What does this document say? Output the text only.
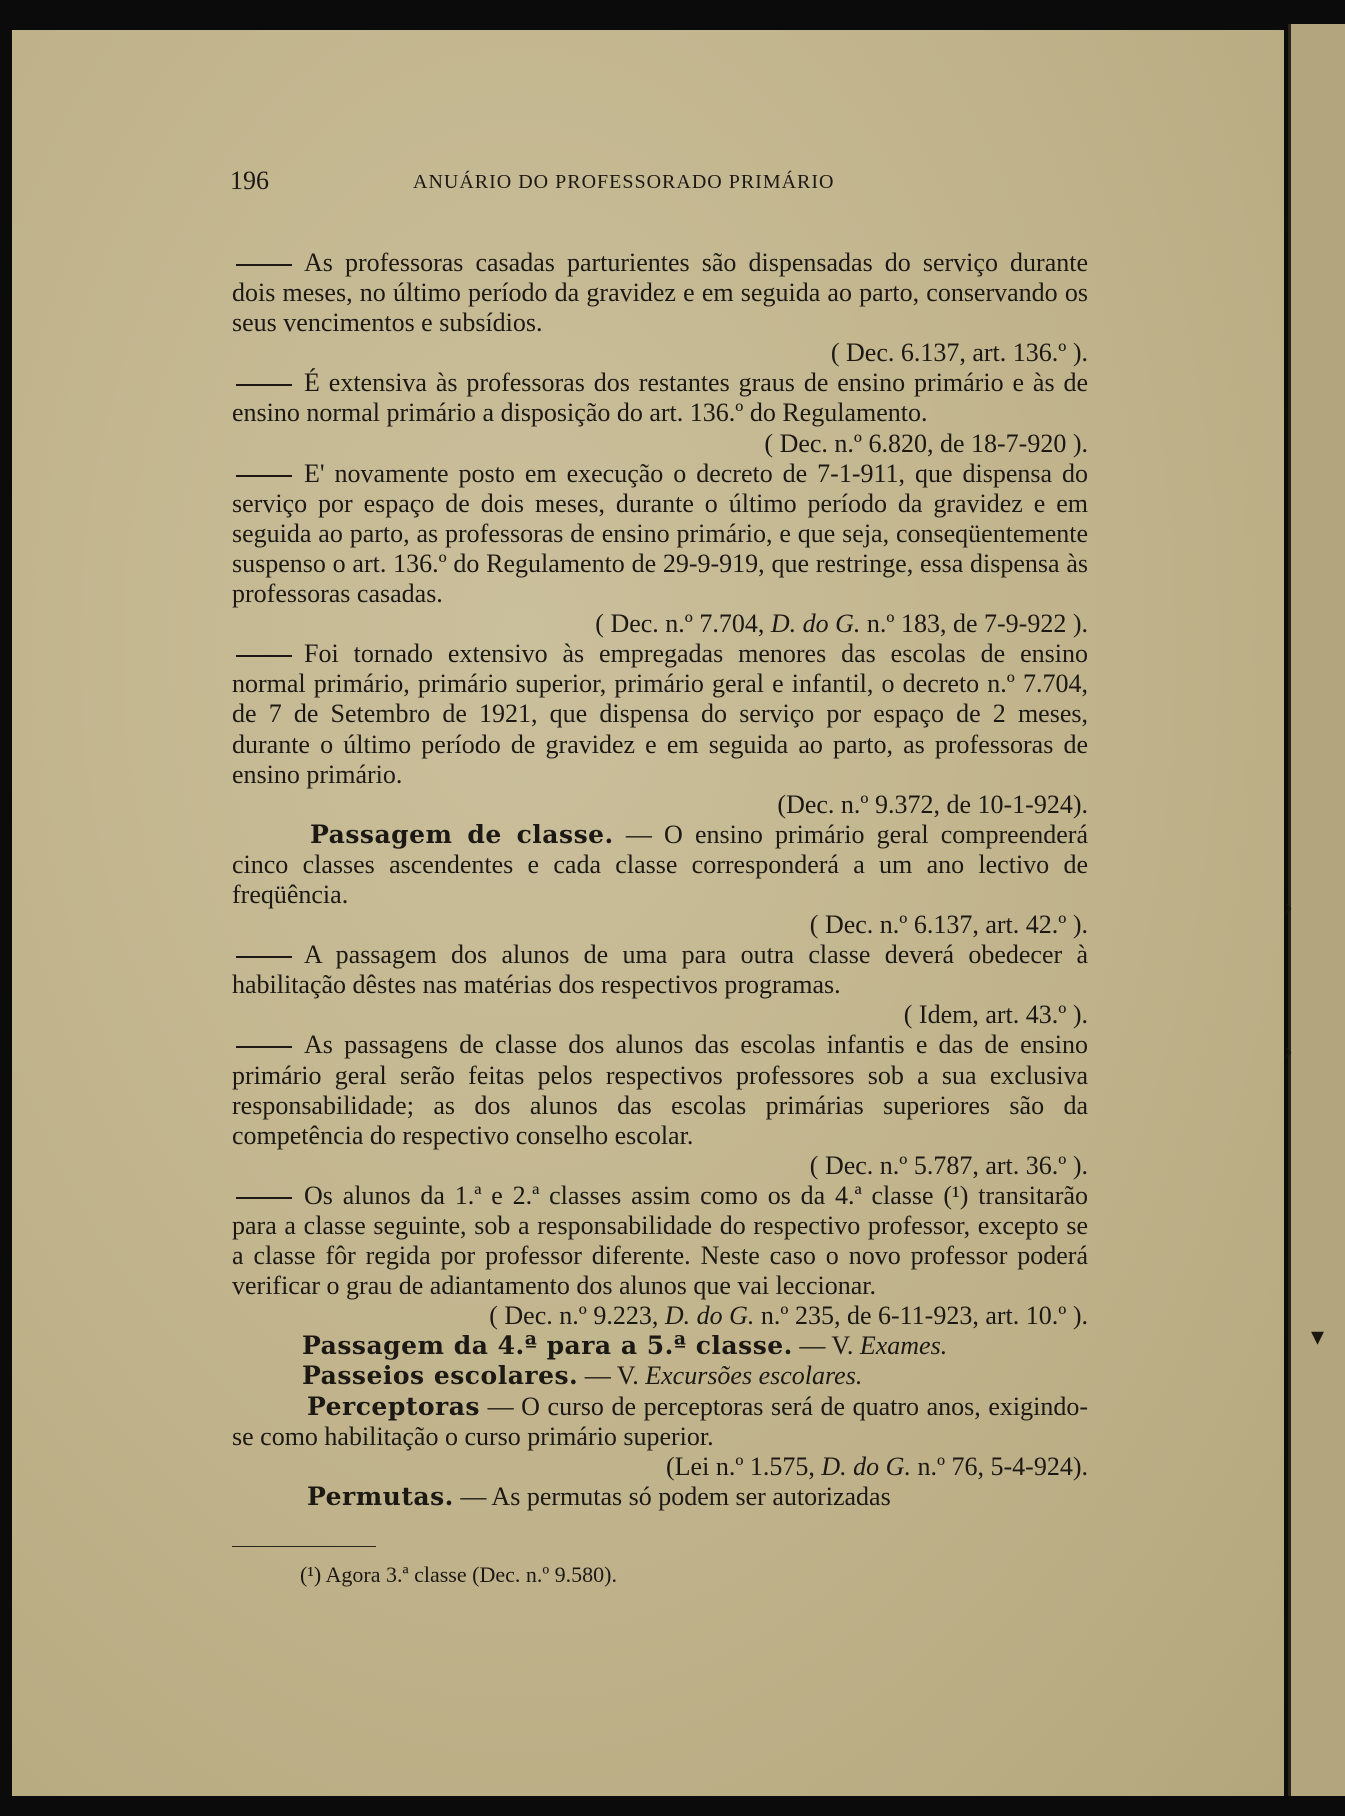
196	ANUÁRIO DO PROFESSORADO PRIMÁRIO

As professoras casadas parturientes são dispensadas do serviço durante dois meses, no último período da gravidez e em seguida ao parto, conservando os seus vencimentos e subsídios.

( Dec. 6.137, art. 136.º ).

É extensiva às professoras dos restantes graus de ensino primário e às de ensino normal primário a disposição do art. 136.º do Regulamento.

( Dec. n.º 6.820, de 18-7-920 ).

E' novamente posto em execução o decreto de 7-1-911, que dispensa do serviço por espaço de dois meses, durante o último período da gravidez e em seguida ao parto, as professoras de ensino primário, e que seja, conseqüentemente suspenso o art. 136.º do Regulamento de 29-9-919, que restringe, essa dispensa às professoras casadas.

( Dec. n.º 7.704, D. do G. n.º 183, de 7-9-922 ).

Foi tornado extensivo às empregadas menores das escolas de ensino normal primário, primário superior, primário geral e infantil, o decreto n.º 7.704, de 7 de Setembro de 1921, que dispensa do serviço por espaço de 2 meses, durante o último período de gravidez e em seguida ao parto, as professoras de ensino primário.

(Dec. n.º 9.372, de 10-1-924).

Passagem de classe. — O ensino primário geral compreenderá cinco classes ascendentes e cada classe corresponderá a um ano lectivo de freqüência.

( Dec. n.º 6.137, art. 42.º ).

A passagem dos alunos de uma para outra classe deverá obedecer à habilitação dêstes nas matérias dos respectivos programas.

( Idem, art. 43.º ).

As passagens de classe dos alunos das escolas infantis e das de ensino primário geral serão feitas pelos respectivos professores sob a sua exclusiva responsabilidade; as dos alunos das escolas primárias superiores são da competência do respectivo conselho escolar.

( Dec. n.º 5.787, art. 36.º ).

Os alunos da 1.ª e 2.ª classes assim como os da 4.ª classe (¹) transitarão para a classe seguinte, sob a responsabilidade do respectivo professor, excepto se a classe fôr regida por professor diferente. Neste caso o novo professor poderá verificar o grau de adiantamento dos alunos que vai leccionar.

( Dec. n.º 9.223, D. do G. n.º 235, de 6-11-923, art. 10.º ).

Passagem da 4.ª para a 5.ª classe. — V. Exames.

Passeios escolares. — V. Excursões escolares.

Perceptoras — O curso de perceptoras será de quatro anos, exigindo-se como habilitação o curso primário superior.

(Lei n.º 1.575, D. do G. n.º 76, 5-4-924).

Permutas. — As permutas só podem ser autorizadas

(¹) Agora 3.ª classe (Dec. n.º 9.580).
›
›
▾
